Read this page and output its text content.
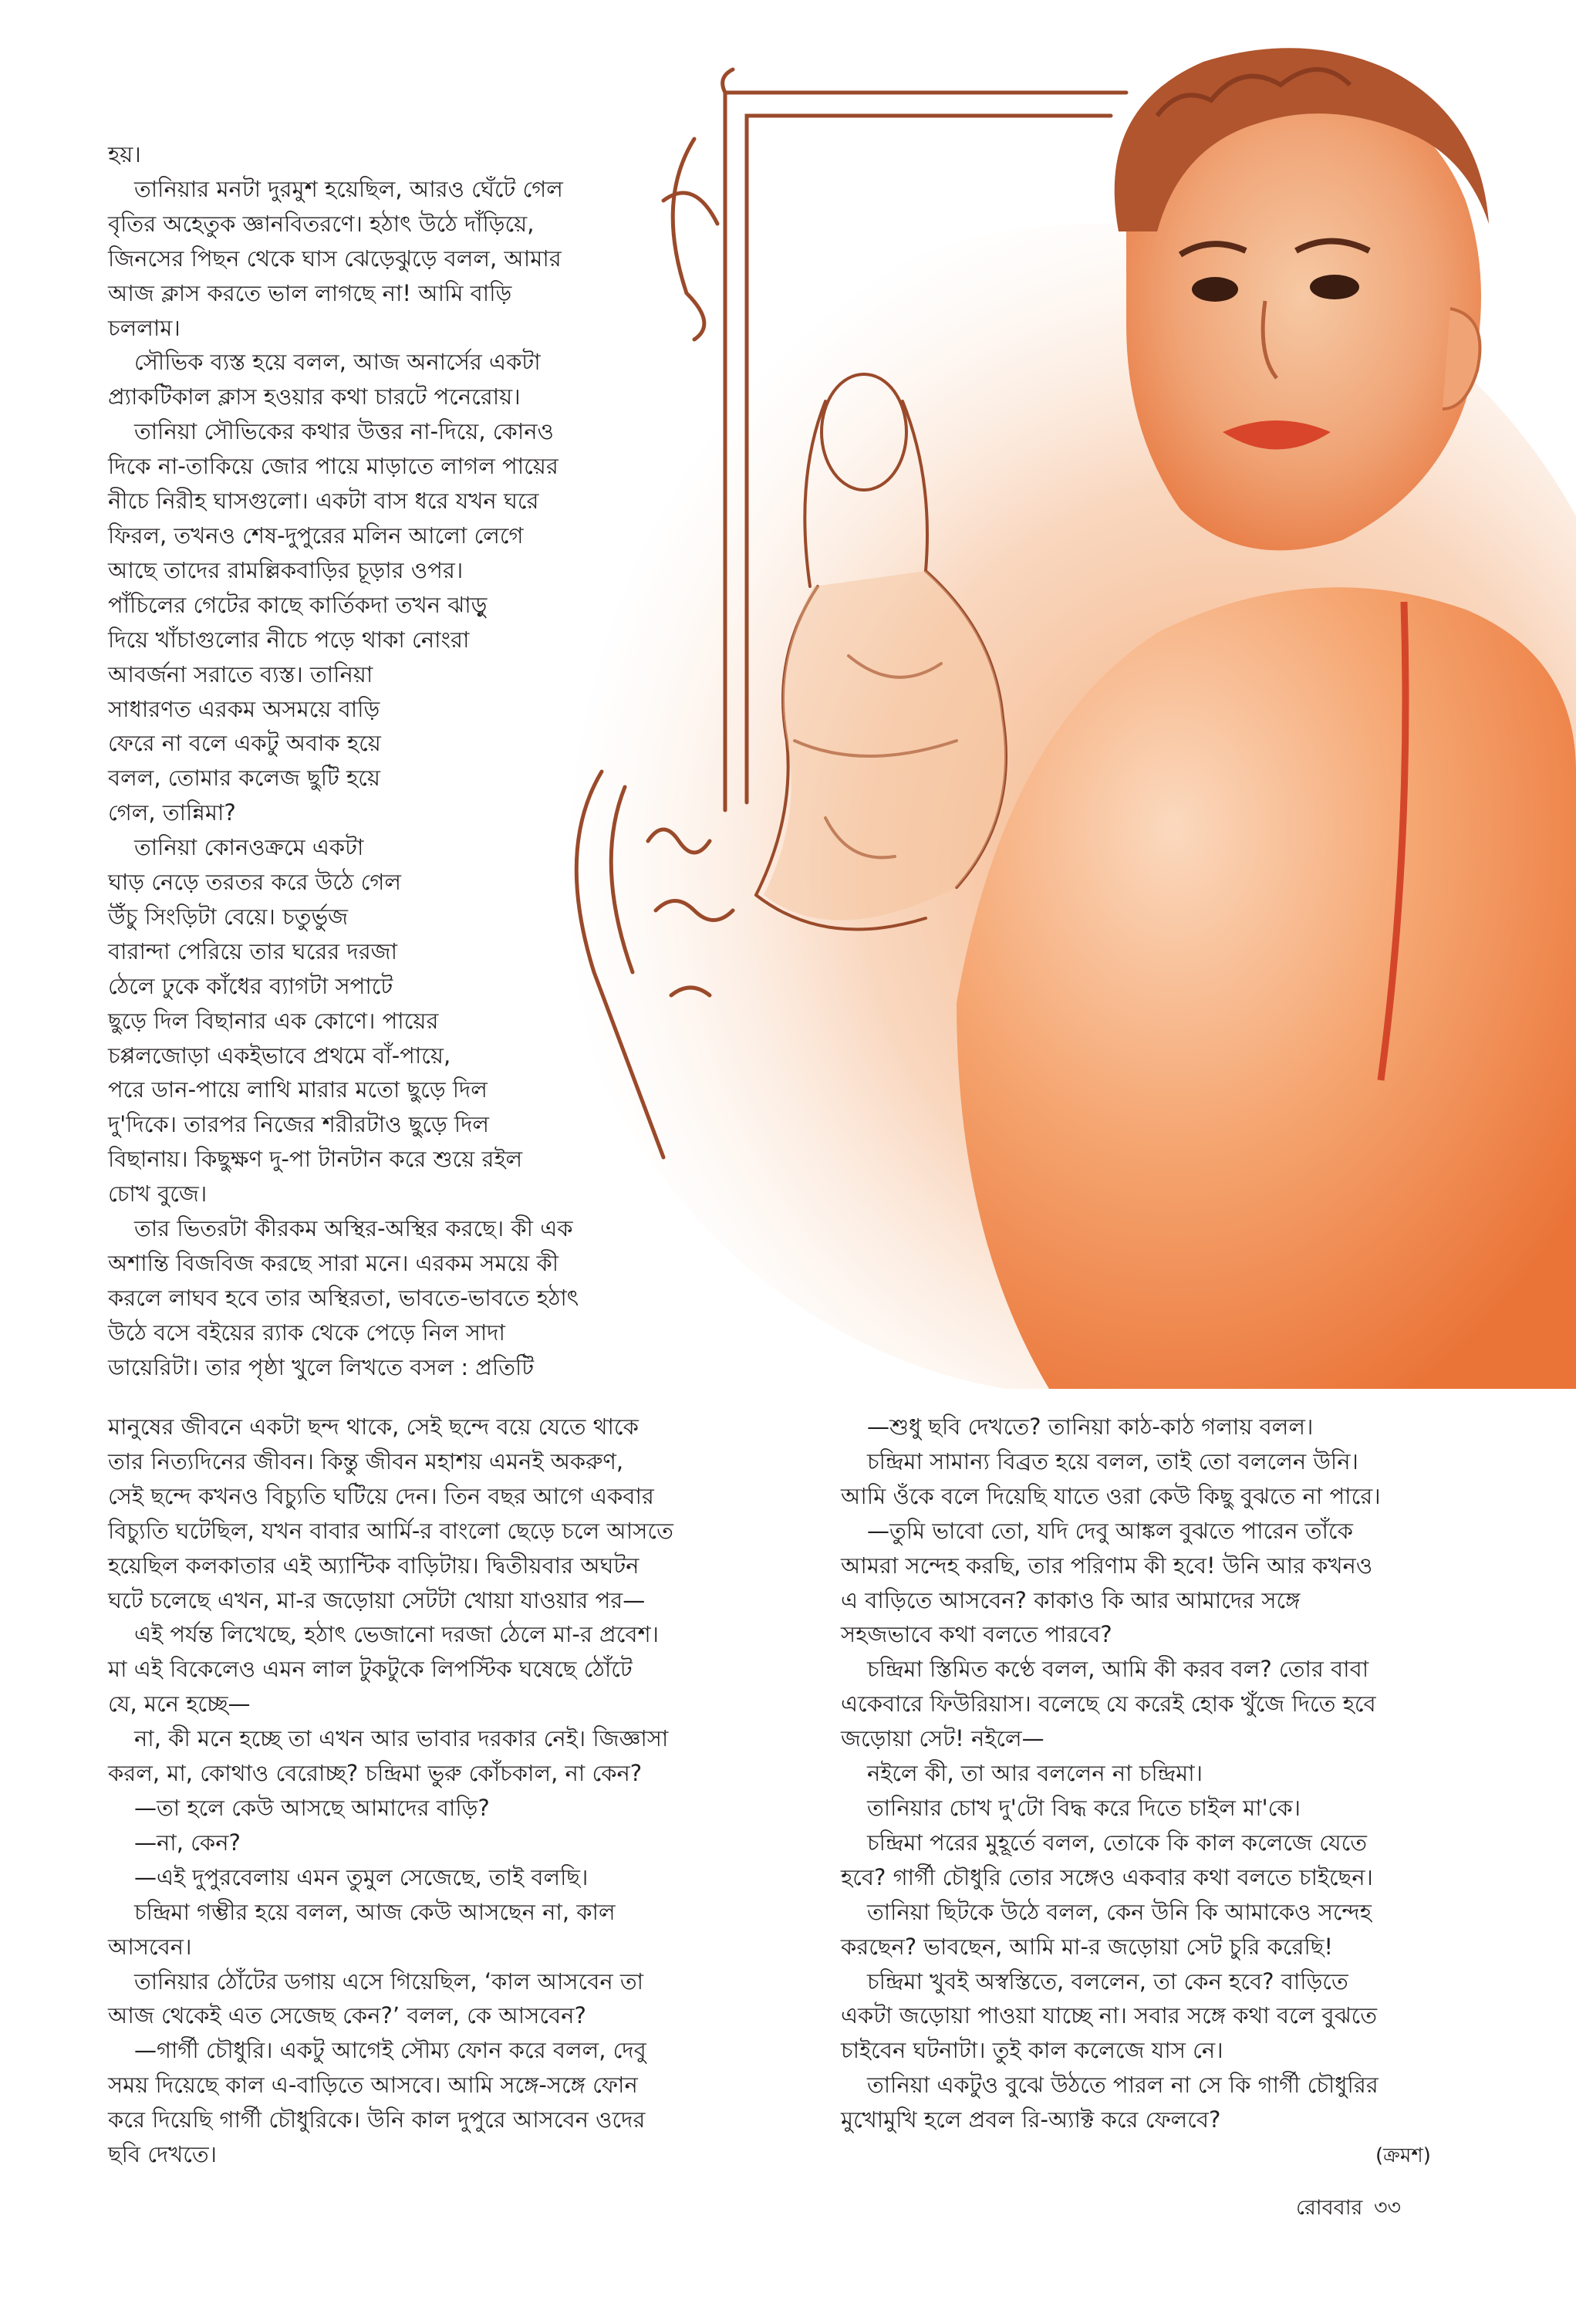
হয়।

তানিয়ার মনটা দুরমুশ হয়েছিল, আরও ঘেঁটে গেল

বৃতির অহেতুক জ্ঞানবিতরণে। হঠাৎ উঠে দাঁড়িয়ে,

জিনসের পিছন থেকে ঘাস ঝেড়েঝুড়ে বলল, আমার

আজ ক্লাস করতে ভাল লাগছে না! আমি বাড়ি

চললাম।

সৌভিক ব্যস্ত হয়ে বলল, আজ অনার্সের একটা

প্র্যাকটিকাল ক্লাস হওয়ার কথা চারটে পনেরোয়।

তানিয়া সৌভিকের কথার উত্তর না-দিয়ে, কোনও

দিকে না-তাকিয়ে জোর পায়ে মাড়াতে লাগল পায়ের

নীচে নিরীহ ঘাসগুলো। একটা বাস ধরে যখন ঘরে

ফিরল, তখনও শেষ-দুপুরের মলিন আলো লেগে

আছে তাদের রামল্লিকবাড়ির চূড়ার ওপর।

পাঁচিলের গেটের কাছে কার্তিকদা তখন ঝাড়ু

দিয়ে খাঁচাগুলোর নীচে পড়ে থাকা নোংরা

আবর্জনা সরাতে ব্যস্ত। তানিয়া

সাধারণত এরকম অসময়ে বাড়ি

ফেরে না বলে একটু অবাক হয়ে

বলল, তোমার কলেজ ছুটি হয়ে

গেল, তান্নিমা?

তানিয়া কোনওক্রমে একটা

ঘাড় নেড়ে তরতর করে উঠে গেল

উঁচু সিংড়িটা বেয়ে। চতুর্ভুজ

বারান্দা পেরিয়ে তার ঘরের দরজা

ঠেলে ঢুকে কাঁধের ব্যাগটা সপাটে

ছুড়ে দিল বিছানার এক কোণে। পায়ের

চপ্পলজোড়া একইভাবে প্রথমে বাঁ-পায়ে,

পরে ডান-পায়ে লাথি মারার মতো ছুড়ে দিল

দু'দিকে। তারপর নিজের শরীরটাও ছুড়ে দিল

বিছানায়। কিছুক্ষণ দু-পা টানটান করে শুয়ে রইল

চোখ বুজে।

তার ভিতরটা কীরকম অস্থির-অস্থির করছে। কী এক

অশান্তি বিজবিজ করছে সারা মনে। এরকম সময়ে কী

করলে লাঘব হবে তার অস্থিরতা, ভাবতে-ভাবতে হঠাৎ

উঠে বসে বইয়ের র‍্যাক থেকে পেড়ে নিল সাদা

ডায়েরিটা। তার পৃষ্ঠা খুলে লিখতে বসল : প্রতিটি

মানুষের জীবনে একটা ছন্দ থাকে, সেই ছন্দে বয়ে যেতে থাকে

তার নিত্যদিনের জীবন। কিন্তু জীবন মহাশয় এমনই অকরুণ,

সেই ছন্দে কখনও বিচ্যুতি ঘটিয়ে দেন। তিন বছর আগে একবার

বিচ্যুতি ঘটেছিল, যখন বাবার আর্মি-র বাংলো ছেড়ে চলে আসতে

হয়েছিল কলকাতার এই অ্যান্টিক বাড়িটায়। দ্বিতীয়বার অঘটন

ঘটে চলেছে এখন, মা-র জড়োয়া সেটটা খোয়া যাওয়ার পর—

এই পর্যন্ত লিখেছে, হঠাৎ ভেজানো দরজা ঠেলে মা-র প্রবেশ।

মা এই বিকেলেও এমন লাল টুকটুকে লিপস্টিক ঘষেছে ঠোঁটে

যে, মনে হচ্ছে—

না, কী মনে হচ্ছে তা এখন আর ভাবার দরকার নেই। জিজ্ঞাসা

করল, মা, কোথাও বেরোচ্ছ? চন্দ্রিমা ভুরু কোঁচকাল, না কেন?

—তা হলে কেউ আসছে আমাদের বাড়ি?

—না, কেন?

—এই দুপুরবেলায় এমন তুমুল সেজেছে, তাই বলছি।

চন্দ্রিমা গম্ভীর হয়ে বলল, আজ কেউ আসছেন না, কাল

আসবেন।

তানিয়ার ঠোঁটের ডগায় এসে গিয়েছিল, ‘কাল আসবেন তা

আজ থেকেই এত সেজেছ কেন?’ বলল, কে আসবেন?

—গার্গী চৌধুরি। একটু আগেই সৌম্য ফোন করে বলল, দেবু

সময় দিয়েছে কাল এ-বাড়িতে আসবে। আমি সঙ্গে-সঙ্গে ফোন

করে দিয়েছি গার্গী চৌধুরিকে। উনি কাল দুপুরে আসবেন ওদের

ছবি দেখতে।

—শুধু ছবি দেখতে? তানিয়া কাঠ-কাঠ গলায় বলল।

চন্দ্রিমা সামান্য বিব্রত হয়ে বলল, তাই তো বললেন উনি।

আমি ওঁকে বলে দিয়েছি যাতে ওরা কেউ কিছু বুঝতে না পারে।

—তুমি ভাবো তো, যদি দেবু আঙ্কল বুঝতে পারেন তাঁকে

আমরা সন্দেহ করছি, তার পরিণাম কী হবে! উনি আর কখনও

এ বাড়িতে আসবেন? কাকাও কি আর আমাদের সঙ্গে

সহজভাবে কথা বলতে পারবে?

চন্দ্রিমা স্তিমিত কণ্ঠে বলল, আমি কী করব বল? তোর বাবা

একেবারে ফিউরিয়াস। বলেছে যে করেই হোক খুঁজে দিতে হবে

জড়োয়া সেট! নইলে—

নইলে কী, তা আর বললেন না চন্দ্রিমা।

তানিয়ার চোখ দু'টো বিদ্ধ করে দিতে চাইল মা'কে।

চন্দ্রিমা পরের মুহূর্তে বলল, তোকে কি কাল কলেজে যেতে

হবে? গার্গী চৌধুরি তোর সঙ্গেও একবার কথা বলতে চাইছেন।

তানিয়া ছিটকে উঠে বলল, কেন উনি কি আমাকেও সন্দেহ

করছেন? ভাবছেন, আমি মা-র জড়োয়া সেট চুরি করেছি!

চন্দ্রিমা খুবই অস্বস্তিতে, বললেন, তা কেন হবে? বাড়িতে

একটা জড়োয়া পাওয়া যাচ্ছে না। সবার সঙ্গে কথা বলে বুঝতে

চাইবেন ঘটনাটা। তুই কাল কলেজে যাস নে।

তানিয়া একটুও বুঝে উঠতে পারল না সে কি গার্গী চৌধুরির

মুখোমুখি হলে প্রবল রি-অ্যাক্ট করে ফেলবে?

(ক্রমশ)
রোববার ৩৩
